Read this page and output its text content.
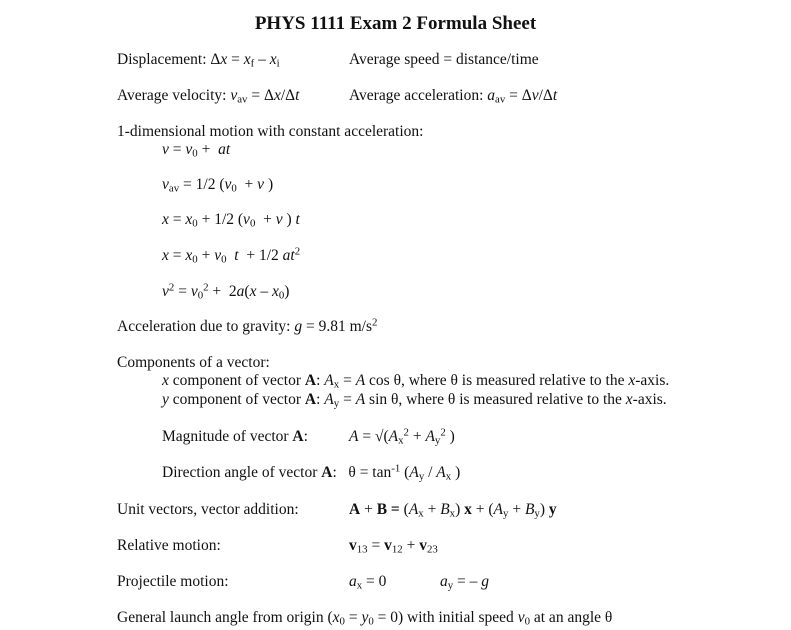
PHYS 1111 Exam 2 Formula Sheet
Displacement: $\Delta x = x_f - x_i$	Average speed = distance/time
Average velocity: $v_{av} = \Delta x/\Delta t$	Average acceleration: $a_{av} = \Delta v/\Delta t$
1-dimensional motion with constant acceleration:
$v = v_0$ +  at
$v_{av} = 1/2$ ($v_0 + v$ )
$x = x_0 + 1/2$ ($v_0 + v$ ) t
$x = x_0 + v_0$ t  + 1/2 $at^2$
$v^2 = v_0^2 + 2a(x - x_0)$
Acceleration due to gravity: g = 9.81 $m/s^2$
Components of a vector:
x component of vector A: $A_x = A$ cos θ, where θ is measured relative to the x-axis.
y component of vector A: $A_y = A$ sin θ, where θ is measured relative to the x-axis.
Magnitude of vector A:	$A = √(A_x^2 + A_y^2$ )
Direction angle of vector A:   $\theta = \tan^{-1} (A_y / A_x$ )
Unit vectors, vector addition:	$A + B = (A_x + B_x) x + (A_y + B_y)$ y
Relative motion:	$v_{13} = v_{12} + v_{23}$
Projectile motion:	$a_x = 0$	$a_y$ = – g
General launch angle from origin $(x_0 = y_0 = 0)$ with initial speed $v_0$ at an angle θ
